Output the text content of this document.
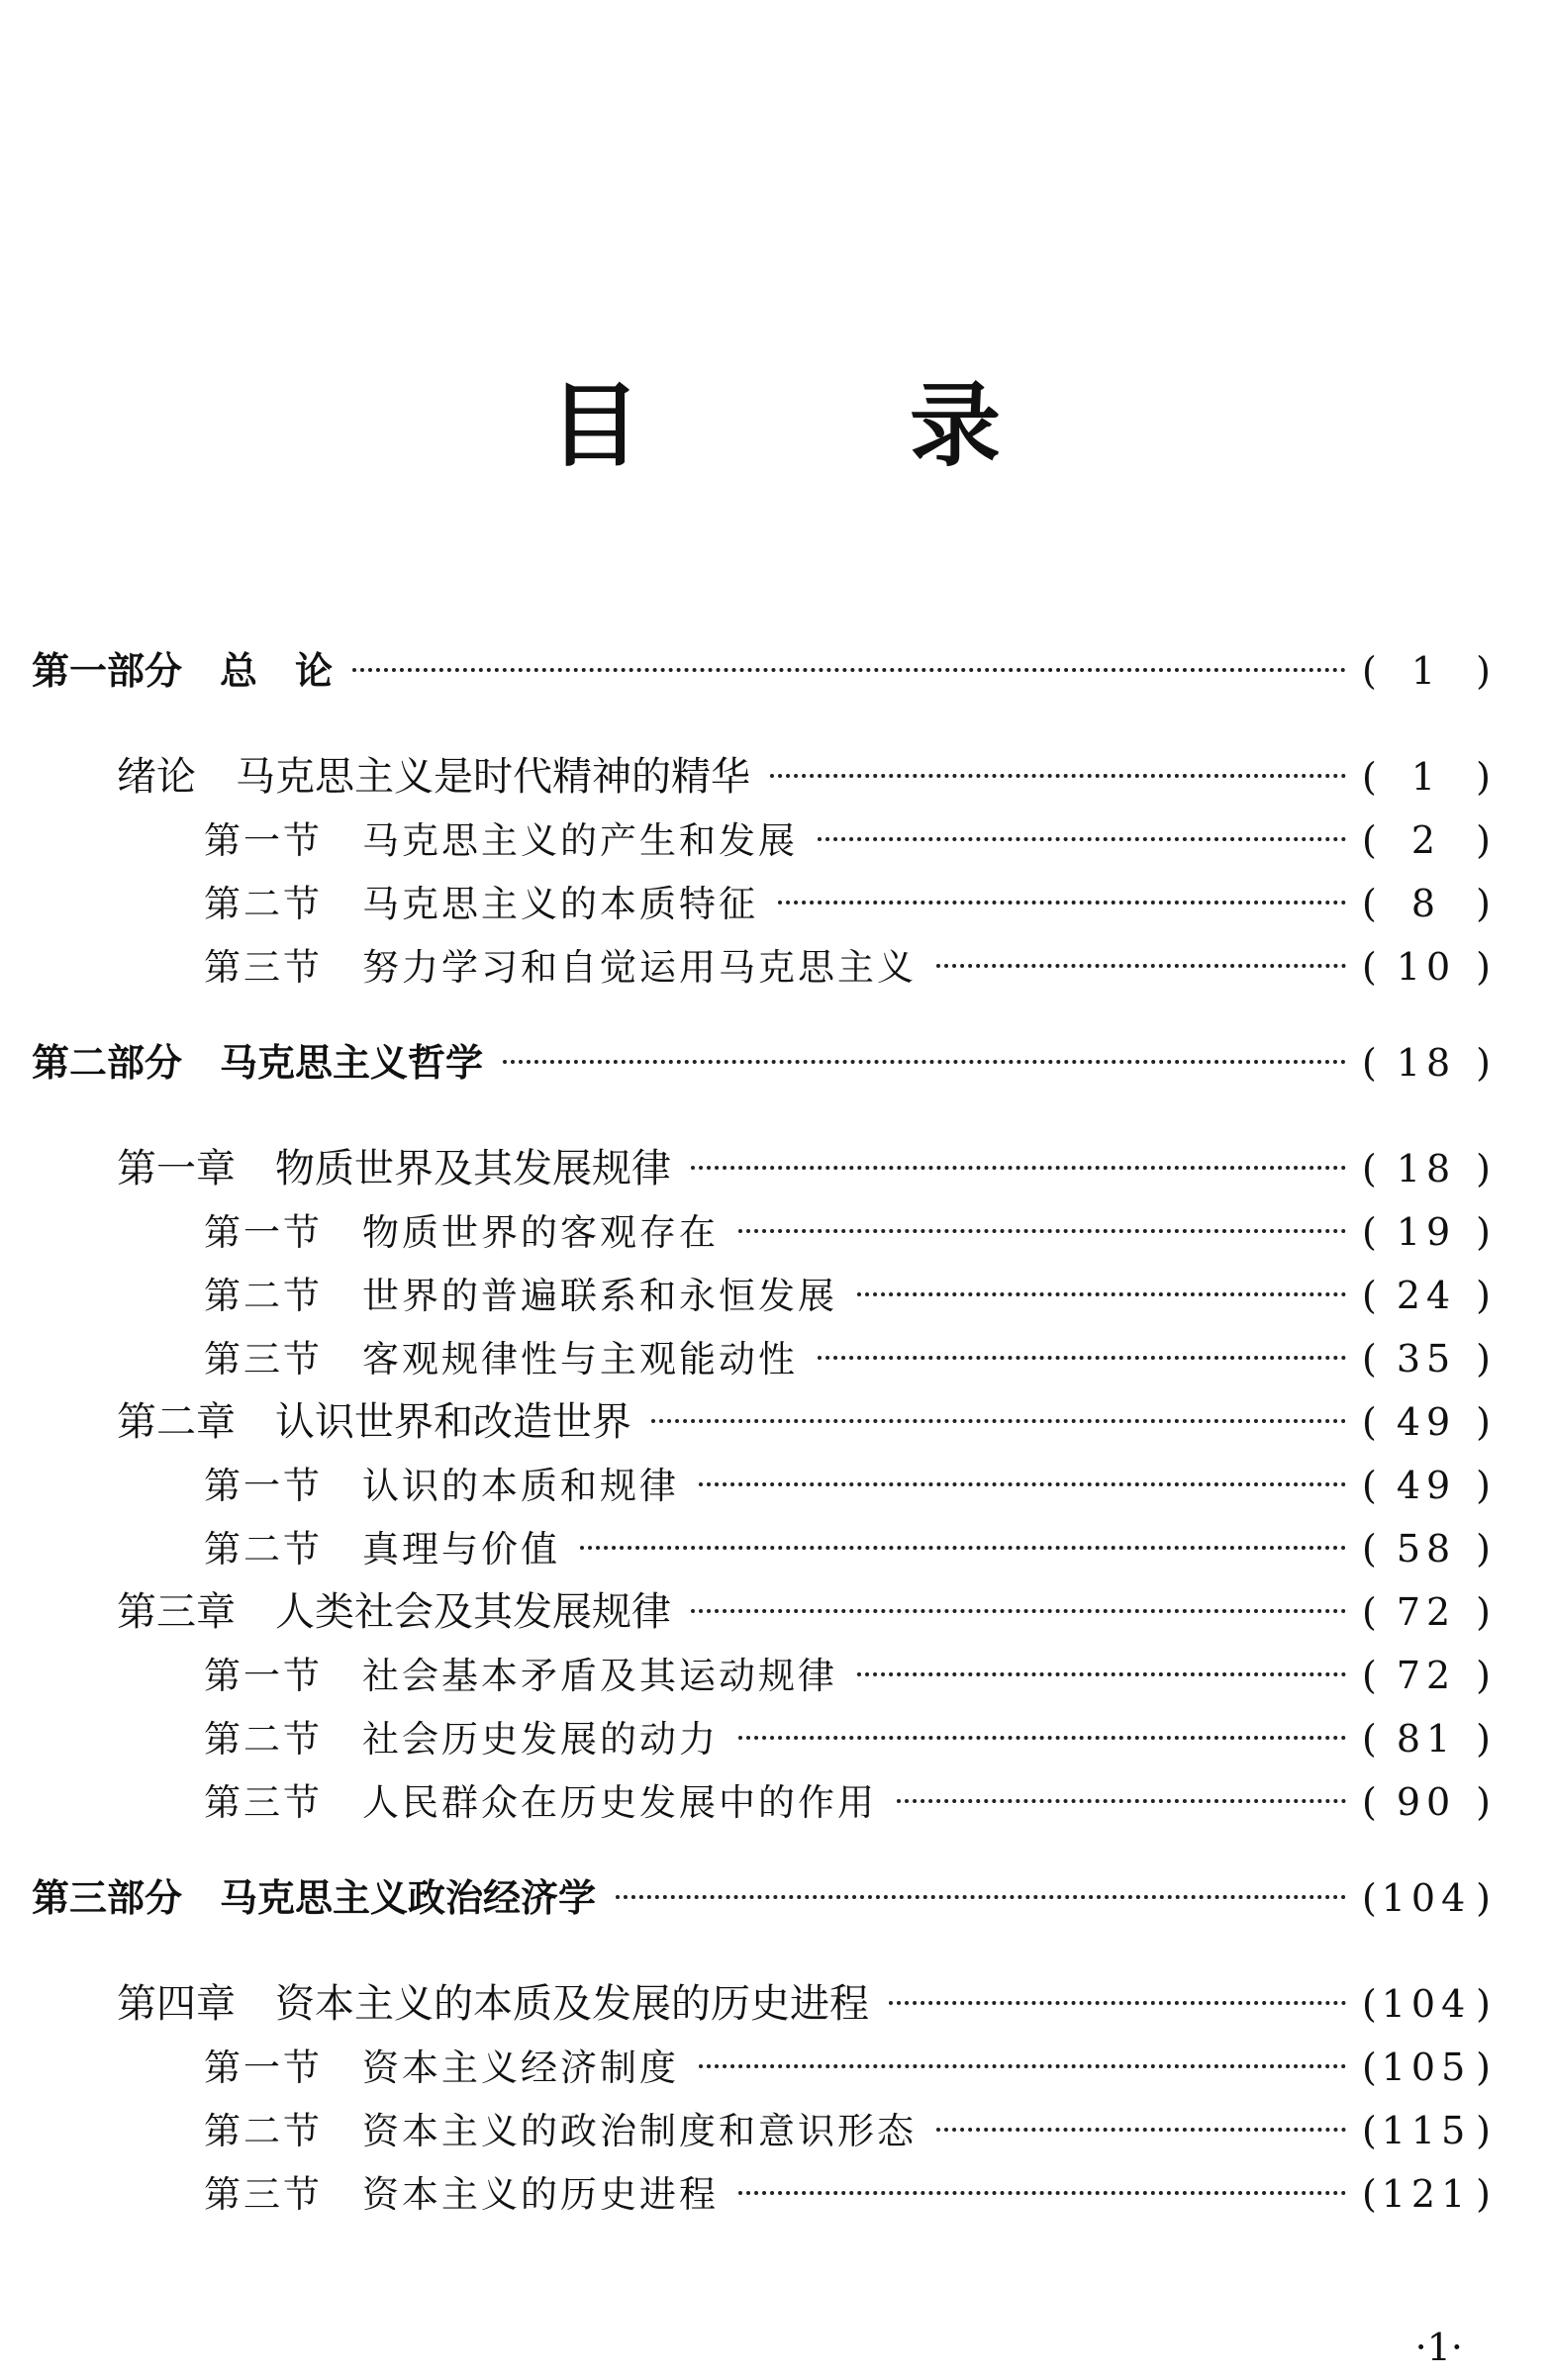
目 录
第一部分　总　论	( 1 )
绪论　马克思主义是时代精神的精华	( 1 )
第一节　马克思主义的产生和发展	( 2 )
第二节　马克思主义的本质特征	( 8 )
第三节　努力学习和自觉运用马克思主义	( 10 )
第二部分　马克思主义哲学	( 18 )
第一章　物质世界及其发展规律	( 18 )
第一节　物质世界的客观存在	( 19 )
第二节　世界的普遍联系和永恒发展	( 24 )
第三节　客观规律性与主观能动性	( 35 )
第二章　认识世界和改造世界	( 49 )
第一节　认识的本质和规律	( 49 )
第二节　真理与价值	( 58 )
第三章　人类社会及其发展规律	( 72 )
第一节　社会基本矛盾及其运动规律	( 72 )
第二节　社会历史发展的动力	( 81 )
第三节　人民群众在历史发展中的作用	( 90 )
第三部分　马克思主义政治经济学	( 104 )
第四章　资本主义的本质及发展的历史进程	( 104 )
第一节　资本主义经济制度	( 105 )
第二节　资本主义的政治制度和意识形态	( 115 )
第三节　资本主义的历史进程	( 121 )
·1·
